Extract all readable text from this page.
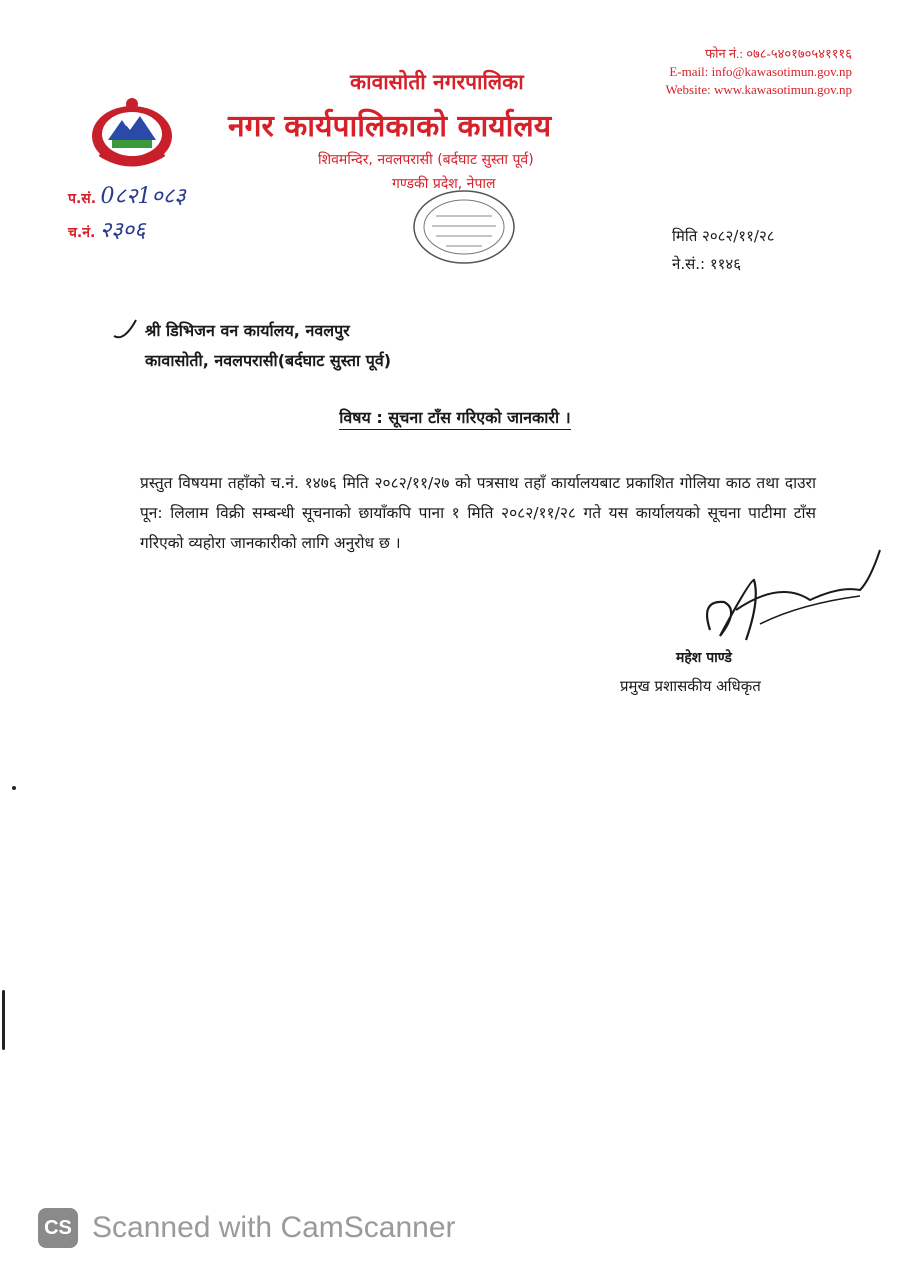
कावासोती नगरपालिका
नगर कार्यपालिकाको कार्यालय
शिवमन्दिर, नवलपरासी (बर्दघाट सुस्ता पूर्व)
गण्डकी प्रदेश, नेपाल
फोन नं.: ०७८-५४०१७०५४१११६
E-mail: info@kawasotimun.gov.np
Website: www.kawasotimun.gov.np
प.सं. 0८२1०८३
च.नं. २३०६	मिति २०८२/११/२८
ने.सं.: ११४६
श्री डिभिजन वन कार्यालय, नवलपुर
कावासोती, नवलपरासी(बर्दघाट सुस्ता पूर्व)
विषय : सूचना टाँस गरिएको जानकारी ।
प्रस्तुत विषयमा तहाँको च.नं. १४७६ मिति २०८२/११/२७ को पत्रसाथ तहाँ कार्यालयबाट प्रकाशित गोलिया काठ तथा दाउरा पून: लिलाम विक्री सम्बन्धी सूचनाको छायाँकपि पाना १ मिति २०८२/११/२८ गते यस कार्यालयको सूचना पाटीमा टाँस गरिएको व्यहोरा जानकारीको लागि अनुरोध छ ।
महेश पाण्डे
प्रमुख प्रशासकीय अधिकृत
CS Scanned with CamScanner
